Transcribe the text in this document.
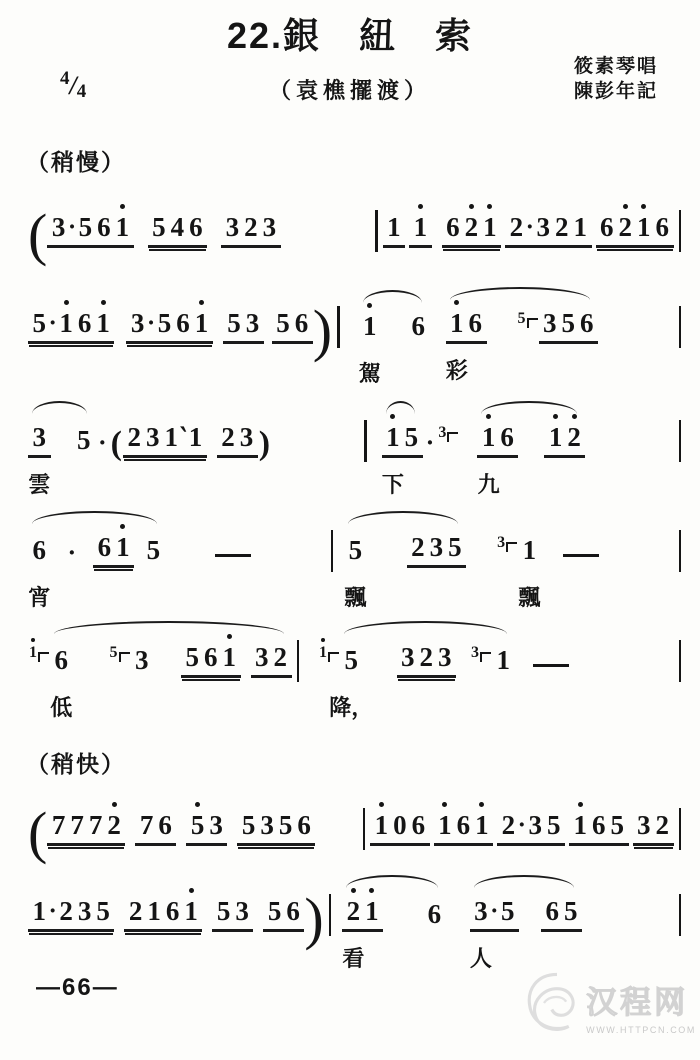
22.銀　紐　索
4/4	（袁樵擺渡）
筱素琴唱
陳彭年記
（稍慢）
（稍快）
( 3 · 5 6 1 5 4 6 3 2 3	1 1 6 2 1 2 · 3 2 1 6 2 1 6
5 · 1 6 1 3 · 5 6 1 5 3 5 6 ) 1
駕
6 1
彩
6 5 3 5 6
3
雲
5 · ( 2 3 1 ‵ 1 2 3 )	1
下
5 · 3 1
九
6 1 2
6
宵
· 6 1 5	5
飄
2 3 5 3 1
飄
1 6
低
5 3 5 6 1 3 2 1 5
降，
3 2 3 3 1
( 7 7 7 2 7 6 5 3 5 3 5 6 1 0 6 1 6 1 2 · 3 5 1 6 5 3 2
1 · 2 3 5 2 1 6 1 5 3 5 6 ) 2
看
1 6 3
人
· 5 6 5
—66—	汉程网
WWW.HTTPCN.COM
